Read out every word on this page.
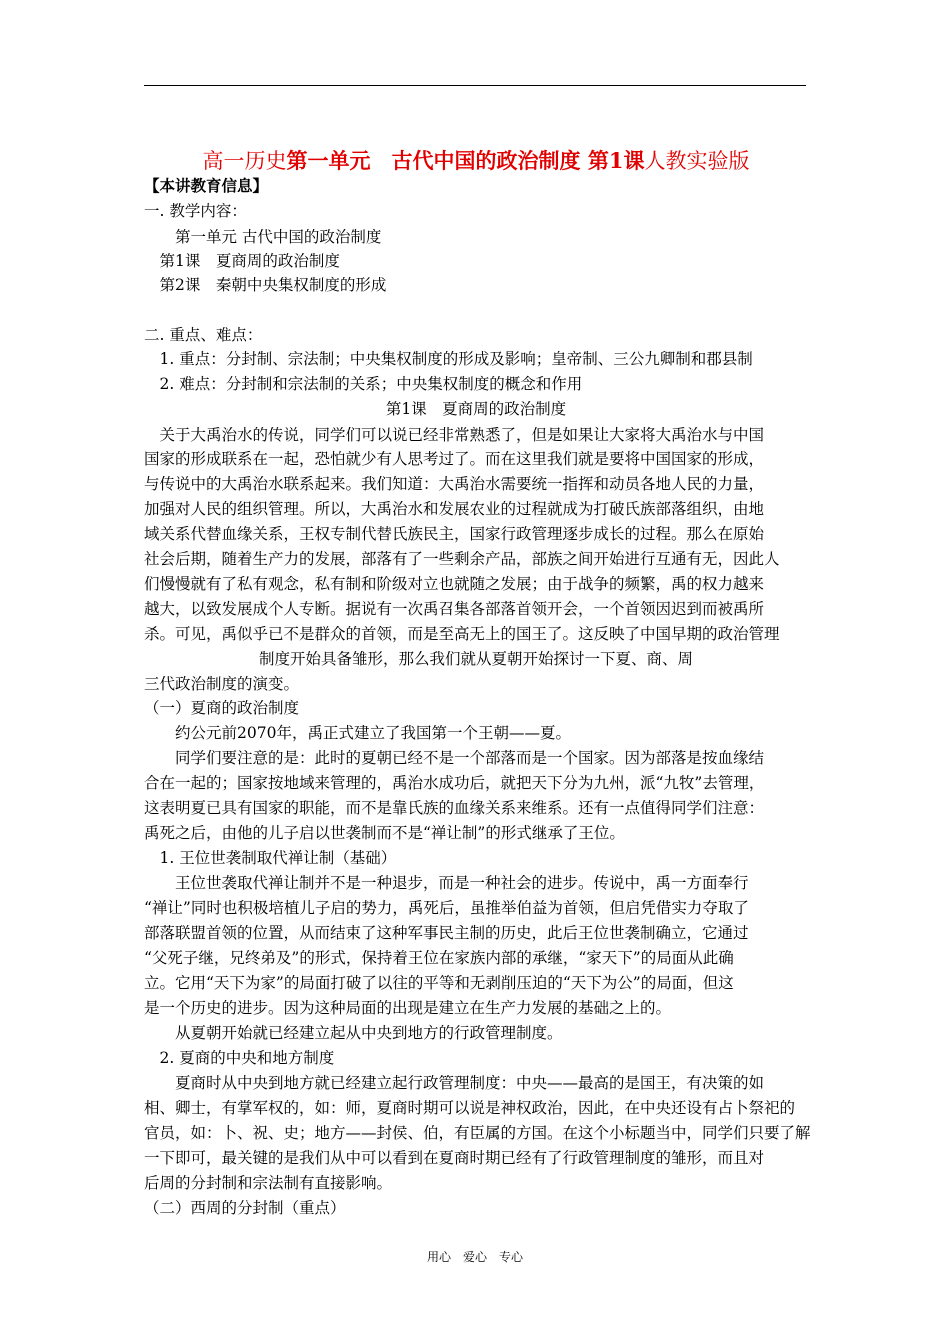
高一历史第一单元　古代中国的政治制度 第1课人教实验版
【本讲教育信息】
一. 教学内容：
　　第一单元 古代中国的政治制度
　第1课　夏商周的政治制度
　第2课　秦朝中央集权制度的形成
二. 重点、难点：
　1. 重点：分封制、宗法制；中央集权制度的形成及影响；皇帝制、三公九卿制和郡县制
　2. 难点：分封制和宗法制的关系；中央集权制度的概念和作用
第1课　夏商周的政治制度
　关于大禹治水的传说，同学们可以说已经非常熟悉了，但是如果让大家将大禹治水与中国
国家的形成联系在一起，恐怕就少有人思考过了。而在这里我们就是要将中国国家的形成，
与传说中的大禹治水联系起来。我们知道：大禹治水需要统一指挥和动员各地人民的力量，
加强对人民的组织管理。所以，大禹治水和发展农业的过程就成为打破氏族部落组织，由地
域关系代替血缘关系，王权专制代替氏族民主，国家行政管理逐步成长的过程。那么在原始
社会后期，随着生产力的发展，部落有了一些剩余产品，部族之间开始进行互通有无，因此人
们慢慢就有了私有观念，私有制和阶级对立也就随之发展；由于战争的频繁，禹的权力越来
越大，以致发展成个人专断。据说有一次禹召集各部落首领开会，一个首领因迟到而被禹所
杀。可见，禹似乎已不是群众的首领，而是至高无上的国王了。这反映了中国早期的政治管理
制度开始具备雏形，那么我们就从夏朝开始探讨一下夏、商、周
三代政治制度的演变。
（一）夏商的政治制度
　　约公元前2070年，禹正式建立了我国第一个王朝——夏。
　　同学们要注意的是：此时的夏朝已经不是一个部落而是一个国家。因为部落是按血缘结
合在一起的；国家按地域来管理的，禹治水成功后，就把天下分为九州，派“九牧”去管理，
这表明夏已具有国家的职能，而不是靠氏族的血缘关系来维系。还有一点值得同学们注意：
禹死之后，由他的儿子启以世袭制而不是“禅让制”的形式继承了王位。
　1. 王位世袭制取代禅让制（基础）
　　王位世袭取代禅让制并不是一种退步，而是一种社会的进步。传说中，禹一方面奉行
“禅让”同时也积极培植儿子启的势力，禹死后，虽推举伯益为首领，但启凭借实力夺取了
部落联盟首领的位置，从而结束了这种军事民主制的历史，此后王位世袭制确立，它通过
“父死子继，兄终弟及”的形式，保持着王位在家族内部的承继，“家天下”的局面从此确
立。它用“天下为家”的局面打破了以往的平等和无剥削压迫的“天下为公”的局面，但这
是一个历史的进步。因为这种局面的出现是建立在生产力发展的基础之上的。
　　从夏朝开始就已经建立起从中央到地方的行政管理制度。
　2. 夏商的中央和地方制度
　　夏商时从中央到地方就已经建立起行政管理制度：中央——最高的是国王，有决策的如
相、卿士，有掌军权的，如：师，夏商时期可以说是神权政治，因此，在中央还设有占卜祭祀的
官员，如：卜、祝、史；地方——封侯、伯，有臣属的方国。在这个小标题当中，同学们只要了解
一下即可，最关键的是我们从中可以看到在夏商时期已经有了行政管理制度的雏形，而且对
后周的分封制和宗法制有直接影响。
（二）西周的分封制（重点）
用心　爱心　专心
